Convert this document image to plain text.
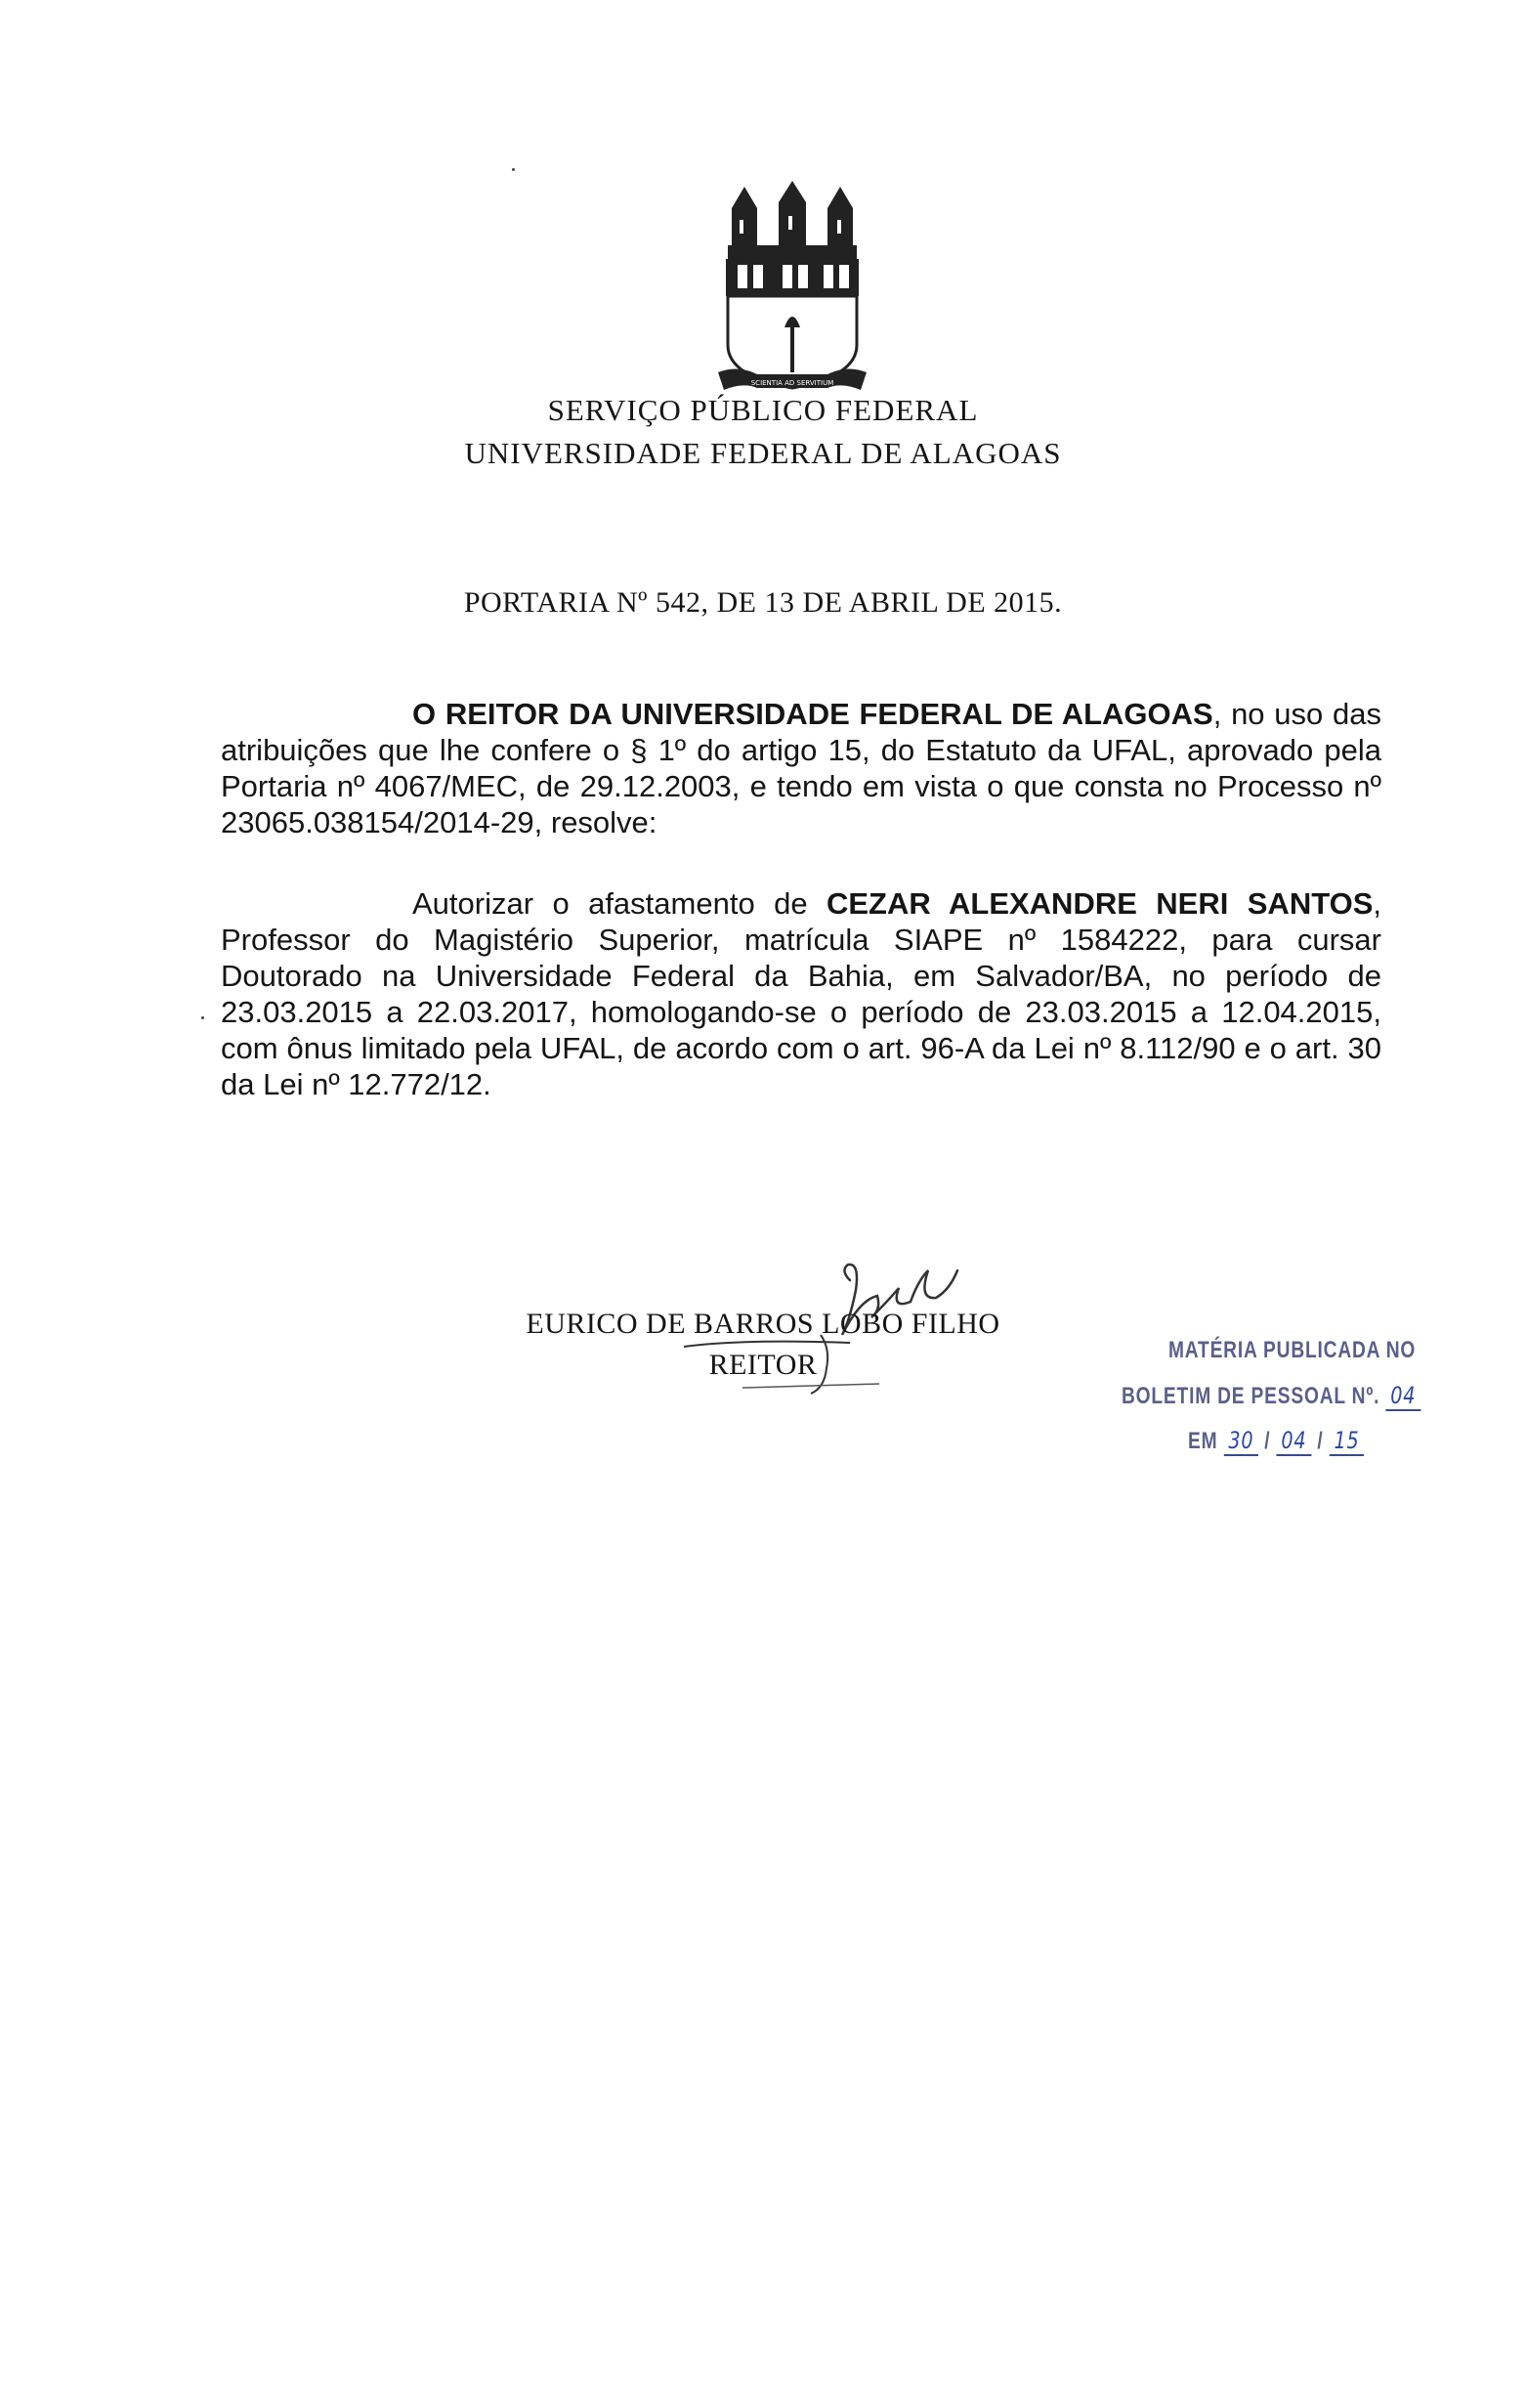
SCIENTIA AD SERVITIUM
SERVIÇO PÚBLICO FEDERAL
UNIVERSIDADE FEDERAL DE ALAGOAS
PORTARIA Nº 542, DE 13 DE ABRIL DE 2015.
O REITOR DA UNIVERSIDADE FEDERAL DE ALAGOAS, no uso das atribuições que lhe confere o § 1º do artigo 15, do Estatuto da UFAL, aprovado pela Portaria nº 4067/MEC, de 29.12.2003, e tendo em vista o que consta no Processo nº 23065.038154/2014-29, resolve:
Autorizar o afastamento de CEZAR ALEXANDRE NERI SANTOS, Professor do Magistério Superior, matrícula SIAPE nº 1584222, para cursar Doutorado na Universidade Federal da Bahia, em Salvador/BA, no período de 23.03.2015 a 22.03.2017, homologando-se o período de 23.03.2015 a 12.04.2015, com ônus limitado pela UFAL, de acordo com o art. 96-A da Lei nº 8.112/90 e o art. 30 da Lei nº 12.772/12.
EURICO DE BARROS LOBO FILHO
REITOR	MATÉRIA PUBLICADA NO
BOLETIM DE PESSOAL Nº. 04
EM 30 / 04 / 15
